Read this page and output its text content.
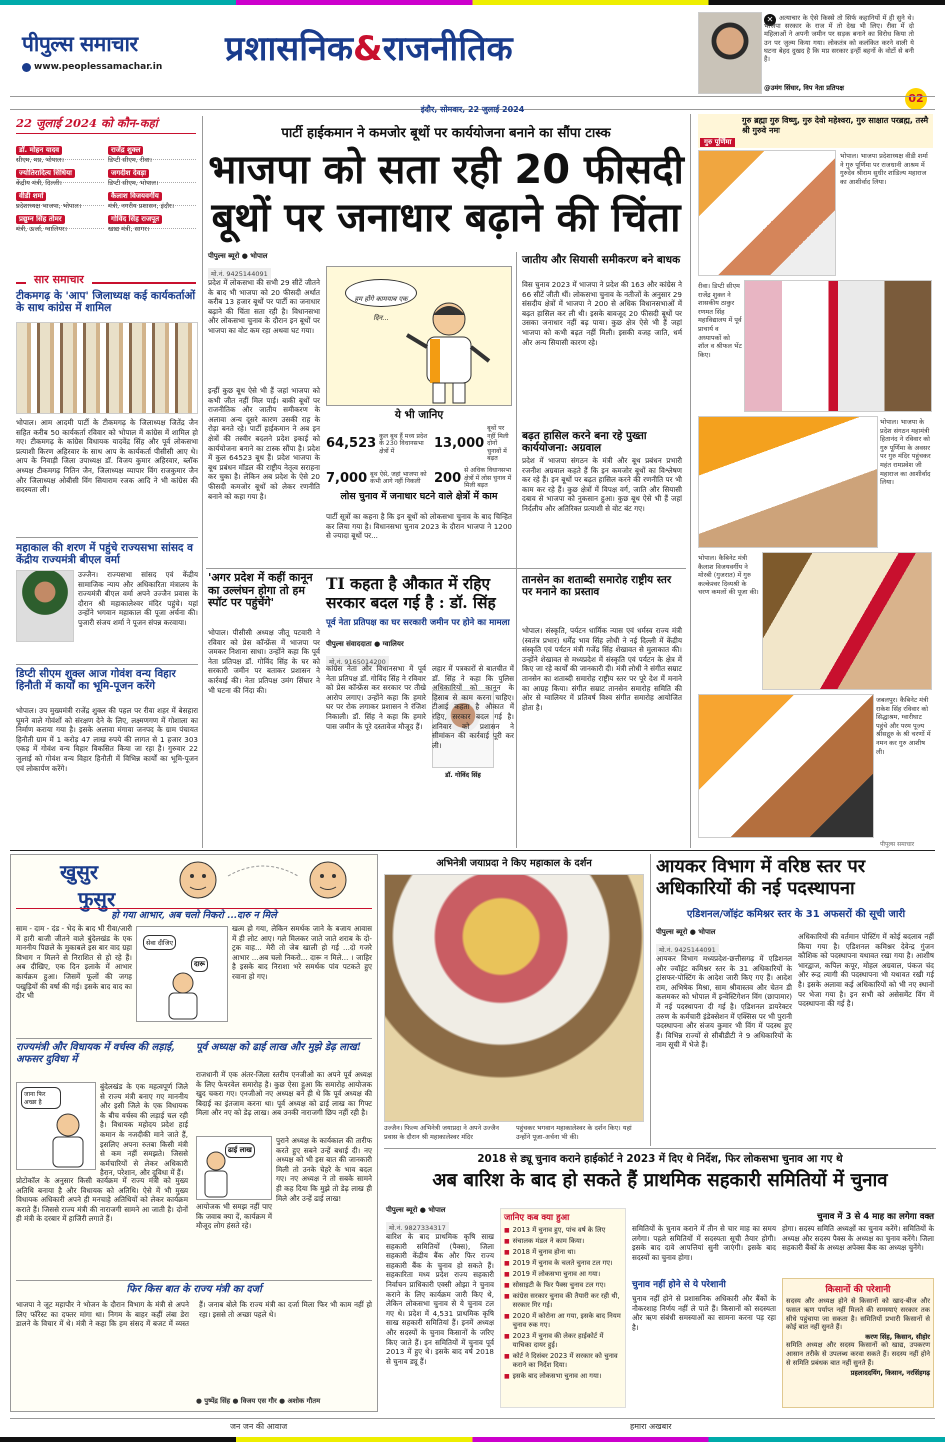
पीपुल्स समाचार
www.peoplessamachar.in प्रशासनिक&राजनीतिक
✕ अत्याचार के ऐसे किस्से तो सिर्फ कहानियों में ही सुने थे। भाजपा सरकार के राज में तो देख भी लिए। रीवा में दो महिलाओं ने अपनी जमीन पर सड़क बनाने का विरोध किया तो उन पर जुल्म किया गया। लोकतंत्र को कलंकित करने वाली ये घटना बेहद दुखद है कि मप्र सरकार इन्हीं बहनों के वोटों से बनी है।
@उमंग सिंघार, विप नेता प्रतिपक्ष
02
इंदौर, सोमवार, 22 जुलाई 2024
22 जुलाई 2024 को कौन-कहां
डॉ. मोहन यादव
सीएम, मप्र, भोपाल।
राजेंद्र शुक्ल
डिप्टी सीएम, रीवा।
ज्योतिरादित्य सिंधिया
केंद्रीय मंत्री, दिल्ली।
जगदीश देवड़ा
डिप्टी सीएम, भोपाल।
वीडी शर्मा
प्रदेशाध्यक्ष भाजपा, भोपाल।
कैलाश विजयवर्गीय
मंत्री, नगरीय प्रशासन, इंदौर।
प्रद्युम्न सिंह तोमर
मंत्री, ऊर्जा, ग्वालियर।
गोविंद सिंह राजपूत
खाद्य मंत्री, सागर।
सार समाचार
टीकमगढ़ के 'आप' जिलाध्यक्ष कई कार्यकर्ताओं के साथ कांग्रेस में शामिल
भोपाल। आम आदमी पार्टी के टीकमगढ़ के जिलाध्यक्ष जितेंद्र जैन सहित करीब 50 कार्यकर्ता रविवार को भोपाल में कांग्रेस में शामिल हो गए। टीकमगढ़ के कांग्रेस विधायक यादवेंद्र सिंह और पूर्व लोकसभा प्रत्याशी किरण अहिरवार के साथ आप के कार्यकर्ता पीसीसी आए थे। आप के निवाड़ी जिला उपाध्यक्ष डॉ. विजय कुमार अहिरवार, ब्लॉक अध्यक्ष टीकमगढ़ नितिन जैन, जिलाध्यक्ष व्यापार विंग राजकुमार जैन और जिलाध्यक्ष ओबीसी विंग सियाराम रजक आदि ने भी कांग्रेस की सदस्यता ली।
महाकाल की शरण में पहुंचे राज्यसभा सांसद व केंद्रीय राज्यमंत्री बीएल वर्मा
उज्जैन। राज्यसभा सांसद एवं केंद्रीय सामाजिक न्याय और अधिकारिता मंत्रालय के राज्यमंत्री बीएल वर्मा अपने उज्जैन प्रवास के दौरान श्री महाकालेश्वर मंदिर पहुंचे। यहां उन्होंने भगवान महाकाल की पूजा अर्चना की। पुजारी संजय शर्मा ने पूजन संपन्न करवाया।
डिप्टी सीएम शुक्ल आज गोवंश वन्य विहार हिनौती में कार्यों का भूमि-पूजन करेंगे
भोपाल। उप मुख्यमंत्री राजेंद्र शुक्ल की पहल पर रीवा शहर में बेसहारा घूमने वाले गोवंशों को संरक्षण देने के लिए, लक्ष्मणगण में गोशाला का निर्माण कराया गया है। इसके अलावा मंगावा जनपद के ग्राम पंचायत हिनौती ग्राम में 1 करोड़ 47 लाख रुपये की लागत से 1 हजार 303 एकड़ में गोवंश वन्य विहार विकसित किया जा रहा है। गुरुवार 22 जुलाई को गोवंश वन्य विहार हिनौती में विभिन्न कार्यों का भूमि-पूजन एवं लोकार्पण करेंगे।
पार्टी हाईकमान ने कमजोर बूथों पर कार्ययोजना बनाने का सौंपा टास्क
भाजपा को सता रही 20 फीसदी
बूथों पर जनाधार बढ़ाने की चिंता
पीपुल्स ब्यूरो ● भोपाल
मो.नं. 9425144091
प्रदेश में लोकसभा की सभी 29 सीटें जीतने के बाद भी भाजपा को 20 फीसदी अर्थात करीब 13 हजार बूथों पर पार्टी का जनाधार बढ़ाने की चिंता सता रही है। विधानसभा और लोकसभा चुनाव के दौरान इन बूथों पर भाजपा का वोट कम रहा अथवा घट गया।
इन्हीं कुछ बूथ ऐसे भी हैं जहां भाजपा को कभी जीत नहीं मिल पाई। बाकी बूथों पर राजनीतिक और जातीय समीकरण के अलावा अन्य दूसरे कारण उसकी राह के रोड़ा बनते रहे। पार्टी हाईकमान ने अब इन क्षेत्रों की तस्वीर बदलने प्रदेश इकाई को कार्ययोजना बनाने का टास्क सौंपा है। प्रदेश में कुल 64523 बूथ हैं। प्रदेश भाजपा के बूथ प्रबंधन मॉडल की राष्ट्रीय नेतृत्व सराहना कर चुका है। लेकिन अब प्रदेश के ऐसे 20 फीसदी कमजोर बूथों को लेकर रणनीति बनाने को कहा गया है।
हम होंगे कामयाब एक दिन...
ये भी जानिए
64,523
कुल बूथ हैं मध्य प्रदेश के 230 विधानसभा क्षेत्रों में	13,000
बूथों पर नहीं मिली दोनों चुनावों में बढ़त
7,000 बूथ ऐसे, जहां भाजपा को कभी आगे नहीं निकली	200
से अधिक विधानसभा क्षेत्रों में लोस चुनाव में मिली बढ़त
लोस चुनाव में जनाधार घटने वाले क्षेत्रों में काम
पार्टी सूत्रों का कहना है कि इन बूथों को लोकसभा चुनाव के बाद चिन्हित कर लिया गया है। विधानसभा चुनाव 2023 के दौरान भाजपा ने 1200 से ज्यादा बूथों पर...
जातीय और सियासी समीकरण बने बाधक
विस चुनाव 2023 में भाजपा ने प्रदेश की 163 और कांग्रेस ने 66 सीटें जीती थीं। लोकसभा चुनाव के नतीजों के अनुसार 29 संसदीय क्षेत्रों में भाजपा ने 200 से अधिक विधानसभाओं में बढ़त हासिल कर ली थी। इसके बावजूद 20 फीसदी बूथों पर उसका जनाधार नहीं बढ़ पाया। कुछ क्षेत्र ऐसे भी हैं जहां भाजपा को कभी बढ़त नहीं मिली। इसकी वजह जाति, धर्म और अन्य सियासी कारण रहे।
बढ़त हासिल करने बना रहे पुख्ता कार्ययोजना: अग्रवाल
प्रदेश में भाजपा संगठन के मंत्री और बूथ प्रबंधन प्रभारी रजनीश अग्रवाल कहते हैं कि इन कमजोर बूथों का विश्लेषण कर रहे हैं। इन बूथों पर बढ़त हासिल करने की रणनीति पर भी काम कर रहे हैं। कुछ क्षेत्रों में विपक्ष वर्ग, जाति और सियासी दबाव से भाजपा को नुकसान हुआ। कुछ बूथ ऐसे भी हैं जहां निर्दलीय और अतिरिक्त प्रत्याशी से वोट बंट गए।
'अगर प्रदेश में कहीं कानून का उल्लंघन होगा तो हम स्पॉट पर पहुंचेंगे'
भोपाल। पीसीसी अध्यक्ष जीतू पटवारी ने रविवार को प्रेस कॉन्फ्रेंस में भाजपा पर जमकर निशाना साधा। उन्होंने कहा कि पूर्व नेता प्रतिपक्ष डॉ. गोविंद सिंह के घर को सरकारी जमीन पर बताकर प्रशासन ने कार्रवाई की। नेता प्रतिपक्ष उमंग सिंघार ने भी घटना की निंदा की।
TI कहता है औकात में रहिए सरकार बदल गई है : डॉ. सिंह
पूर्व नेता प्रतिपक्ष का घर सरकारी जमीन पर होने का मामला
पीपुल्स संवाददाता ● ग्वालियर
मो.नं. 9165014200
कांग्रेस नेता और विधानसभा में पूर्व नेता प्रतिपक्ष डॉ. गोविंद सिंह ने रविवार को प्रेस कॉन्फ्रेंस कर सरकार पर तीखे आरोप लगाए। उन्होंने कहा कि हमारे घर पर रोक लगाकर प्रशासन ने रंजिश निकाली। डॉ. सिंह ने कहा कि हमारे पास जमीन के पूरे दस्तावेज मौजूद हैं।
डॉ. गोविंद सिंह
लहार में पत्रकारों से बातचीत में डॉ. सिंह ने कहा कि पुलिस अधिकारियों को कानून के हिसाब से काम करना चाहिए। टीआई कहता है औकात में रहिए, सरकार बदल गई है। शनिवार को प्रशासन ने सीमांकन की कार्रवाई पूरी कर ली।
तानसेन का शताब्दी समारोह राष्ट्रीय स्तर पर मनाने का प्रस्ताव
भोपाल। संस्कृति, पर्यटन धार्मिक न्यास एवं धर्मस्व राज्य मंत्री (स्वतंत्र प्रभार) धर्मेंद्र भाव सिंह लोधी ने नई दिल्ली में केंद्रीय संस्कृति एवं पर्यटन मंत्री गजेंद्र सिंह शेखावत से मुलाकात की। उन्होंने शेखावत से मध्यप्रदेश में संस्कृति एवं पर्यटन के क्षेत्र में किए जा रहे कार्यों की जानकारी दी। मंत्री लोधी ने संगीत सम्राट तानसेन का शताब्दी समारोह राष्ट्रीय स्तर पर पूरे देश में मनाने का आग्रह किया। संगीत सम्राट तानसेन समारोह समिति की ओर से ग्वालियर में प्रतिवर्ष विश्व संगीत समारोह आयोजित होता है।
गुरु ब्रह्मा गुरु विष्णु, गुरु देवो महेश्वरा, गुरु साक्षात परब्रह्म, तस्मै श्री गुरुवे नमः
गुरु पूर्णिमा
भोपाल। भाजपा प्रदेशाध्यक्ष वीडी शर्मा ने गुरु पूर्णिमा पर राजधानी आश्रम में गुरुदेव श्रीराम सुधीर शांडिल्य महाराज का आशीर्वाद लिया।
रीवा। डिप्टी सीएम राजेंद्र शुक्ल ने शासकीय ठाकुर रणमत सिंह महाविद्यालय में पूर्व प्राचार्य व अध्यापकों को शॉल व श्रीफल भेंट किए।
भोपाल। भाजपा के प्रदेश संगठन महामंत्री हितानंद ने रविवार को गुरु पूर्णिमा के अवसर पर गुरु मंदिर पहुंचकर महंत रामप्रवेश जी महाराज का आशीर्वाद लिया।
भोपाल। कैबिनेट मंत्री कैलाश विजयवर्गीय ने मोरबी (गुजरात) में गुरु कल्केश्वर दिव्यश्री के चरण कमलों की पूजा की।
जबलपुर। कैबिनेट मंत्री राकेश सिंह रविवार को सिद्धाश्रम, ग्वारीघाट पहुंचे और परम पूज्य श्रीसद्गुरु के श्री चरणों में नमन कर गुरु आशीष ली।
पीपुल्स समाचार
खुसुर
फुसुर
हो गया आभार, अब चलो निकरो ...दारु न मिले
साम - दाम - दंड - भेद के बाद भी रीवा/जारी में हारी बाजी जीतने वाले बुंदेलखंड के एक माननीय पिछले के मुकाबले इस बार वाद ग्रहा विभाग न मिलने से निराशित से हो रहे हैं। अब दीखिए, एक दिन इलाके में आभार कार्यक्रम हुआ। जिसमें फूलों की जगह पखुड़ियों की वर्षा की गई। इसके बाद वाद का दौर भी
सेवा दीजिए
दारू
खत्म हो गया, लेकिन समर्थक जाने के बजाय आवास में ही लोट आए। गले मिलकर जाते जाते शराब के दो-ट्रक वाह... मेरी तो जेब खाली हो गई ...दो गजरे आभार ...अब चलो निकरो... दारू न मिले... । जाहिर है इसके बाद निराशा भरे समर्थक पांव पटकते हुए रवाना हो गए।
राज्यमंत्री और विधायक में वर्चस्व की लड़ाई, अफसर दुविधा में
जाना फिर अच्छा है
बुंदेलखंड के एक महत्वपूर्ण जिले से राज्य मंत्री बनाए गए माननीय और इसी जिले के एक विधायक के बीच वर्चस्व की लड़ाई चल रही है। विधायक महोदय प्रदेश हाई कमान के नजदीकी माने जाते हैं, इसलिए अपना रुतबा किसी मंत्री से कम नहीं समझते। जिससे कर्मचारियों से लेकर अधिकारी हैरान, परेशान, और दुविधा में हैं।
प्रोटोकॉल के अनुसार किसी कार्यक्रम में राज्य मंत्री को मुख्य अतिथि बनाया है और विधायक को अतिथि। ऐसे में भी मुख्य विधायक अधिकारी अपने ही मनचाहे अतिथियों को लेकर कार्यक्रम कराते हैं। जिससे राज्य मंत्री की नाराजगी सामने आ जाती है। दोनों ही मंत्री के दरबार में हाजिरी लगाते हैं।
पूर्व अध्यक्ष को ढाई लाख और मुझे डेढ़ लाख!
राजधानी में एक अंतर-जिला स्तरीय एनजीओ का अपने पूर्व अध्यक्ष के लिए फेयरवेल समारोह है। कुछ ऐसा हुआ कि समारोह आयोजक खुद चकरा गए। एनजीओ नए अध्यक्ष बने ही थे कि पूर्व अध्यक्ष की बिदाई का इंतजाम करना था। पूर्व अध्यक्ष को ढाई लाख का गिफ्ट मिला और नए को डेढ़ लाख। अब उनकी नाराजगी छिप नहीं रही है।
ढाई लाख
पुराने अध्यक्ष के कार्यकाल की तारीफ करते हुए सबने उन्हें बधाई दी। नए अध्यक्ष को भी इस बात की जानकारी मिली तो उनके चेहरे के भाव बदल गए। नए अध्यक्ष ने तो सबके सामने ही कह दिया कि मुझे तो डेढ़ लाख ही मिले और उन्हें ढाई लाख!
आयोजक भी समझ नहीं पाए कि जवाब क्या दें, कार्यक्रम में मौजूद लोग हंसते रहे।
फिर किस बात के राज्य मंत्री का दर्जा
भाजपा ने जूट महापौर ने भोजन के दौरान विभाग के मंत्री से अपने लिए फॉरेस्ट का दफ्तर मांगा था। निगम के बाहर कहीं लंबा डेरा डालने के विचार में थे। मंत्री ने कहा कि हम संसद में बजट में व्यस्त हैं। जनाब बोले कि राज्य मंत्री का दर्जा मिला फिर भी काम नहीं हो रहा। इससे तो अच्छा पहले थे।
● पुष्पेंद्र सिंह ● विजय एस गौर ● अशोक गौतम
अभिनेत्री जयाप्रदा ने किए महाकाल के दर्शन
उज्जैन। फिल्म अभिनेत्री जयाप्रदा ने अपने उज्जैन प्रवास के दौरान श्री महाकालेश्वर मंदिर
पहुंचकर भगवान महाकालेश्वर के दर्शन किए। यहां उन्होंने पूजा-अर्चना भी की।
आयकर विभाग में वरिष्ठ स्तर पर अधिकारियों की नई पदस्थापना
एडिशनल/जॉइंट कमिश्नर स्तर के 31 अफसरों की सूची जारी
पीपुल्स ब्यूरो ● भोपाल
मो.नं. 9425144091
आयकर विभाग मध्यप्रदेश-छत्तीसगढ़ में एडिशनल और ज्वॉइंट कमिश्नर स्तर के 31 अधिकारियों के ट्रांसफर-पोस्टिंग के आदेश जारी किए गए हैं। आदेश राम, अभिषेक मिश्रा, साम श्रीवास्तव और चेतन डी कलमकर को भोपाल में इन्वेस्टिगेशन विंग (छापामार) में नई पदस्थापना दी गई है। एडिशनल डायरेक्टर तरुण के कर्मचारी इंडेक्सेशन में एक्सिस पर भी पुरानी पदस्थापना और संजय कुमार भी विंग में पदस्थ हुए हैं। विभिन्न राज्यों से सीबीडीटी ने 9 अधिकारियों के नाम सूची में भेजे हैं।
अधिकारियों की वर्तमान पोस्टिंग में कोई बदलाव नहीं किया गया है। एडिशनल कमिश्नर देवेन्द्र गुंजन कौशिक को पदस्थापना यथावत रखा गया है। आशीष भारद्वाज, कपिल कपूर, मोहल अग्रवाल, पंकज चंद और रूद्र त्यागी की पदस्थापना भी यथावत रखी गई है। इसके अलावा कई अधिकारियों को भी नए स्थानों पर भेजा गया है। इन सभी को असेसमेंट विंग में पदस्थापना की गई है।
2018 से ड्यू चुनाव कराने हाईकोर्ट ने 2023 में दिए थे निर्देश, फिर लोकसभा चुनाव आ गए थे
अब बारिश के बाद हो सकते हैं प्राथमिक सहकारी समितियों में चुनाव
पीपुल्स ब्यूरो ● भोपाल
मो.नं. 9827334317
बारिश के बाद प्राथमिक कृषि साख सहकारी समितियों (पैक्स), जिला सहकारी केंद्रीय बैंक और फिर राज्य सहकारी बैंक के चुनाव हो सकते हैं। सहकारिता मध्य प्रदेश राज्य सहकारी निर्वाचन प्राधिकारी एक्सी ओझा ने चुनाव कराने के लिए कार्यक्रम जारी किए थे, लेकिन लोकसभा चुनाव से ये चुनाव टल गए थे। प्रदेश में 4,531 प्राथमिक कृषि साख सहकारी समितियां हैं। इनमें अध्यक्ष और सदस्यों के चुनाव किसानों के जरिए किए जाते हैं। इन समितियों में चुनाव पूर्व 2013 में हुए थे। इसके बाद वर्ष 2018 से चुनाव ड्यू हैं।
जानिए कब क्या हुआ
■ 2013 में चुनाव हुए, पांच वर्ष के लिए
■ संचालक मंडल ने काम किया।
■ 2018 में चुनाव होना था।
■ 2019 में चुनाव के चलते चुनाव टल गए।
■ 2019 में लोकसभा चुनाव आ गया।
■ सोसाइटी के फिर पैक्स चुनाव टल गए।
■ कांग्रेस सरकार चुनाव की तैयारी कर रही थी, सरकार गिर गई।
■ 2020 में कोरोना आ गया, इसके बाद नियम चुनाव रुक गए।
■ 2023 में चुनाव की लेकर हाईकोर्ट में याचिका दायर हुई।
■ कोर्ट ने दिसंबर 2023 में सरकार को चुनाव कराने का निर्देश दिया।
■ इसके बाद लोकसभा चुनाव आ गया।
चुनाव में 3 से 4 माह का लगेगा वक्त
समितियों के चुनाव कराने में तीन से चार माह का समय लगेगा। पहले समितियों में सदस्यता सूची तैयार होगी। इसके बाद दावे आपत्तियां सुनी जाएंगी। इसके बाद सदस्यों का चुनाव होगा।
चुनाव नहीं होने से ये परेशानी
चुनाव नहीं होने से प्रशासनिक अधिकारी और बैंकों के नौकरशाह निर्णय नहीं ले पाते हैं। किसानों को सदस्यता और ऋण संबंधी समस्याओं का सामना करना पड़ रहा है।
होगा। सदस्य समिति अध्यक्षों का चुनाव करेंगे। समितियों के अध्यक्ष और सदस्य पैक्स के अध्यक्ष का चुनाव करेंगे। जिला सहकारी बैंकों के अध्यक्ष अपेक्स बैंक का अध्यक्ष चुनेंगे।
किसानों की परेशानी
सदस्य और अध्यक्ष होने से किसानों को खाद-बीज और फसल ऋण पर्याप्त नहीं मिलते की समस्याएं सरकार तक सीधे पहुंचाया जा सकता है। समितियों प्रभारी किसानों से कोई बात नहीं सुनते हैं।
करण सिंह, किसान, सीहोर
समिति अध्यक्ष और सदस्य किसानों को खाद्य, उपकरण आसान तरीके से उपलब्ध करवा सकते हैं। सदस्य नहीं होने से समिति प्रबंधक बात नहीं सुनते हैं।
प्रहलाददयिंग, किसान, नरसिंहगढ़
जन जन की आवाज	हमारा अखबार
